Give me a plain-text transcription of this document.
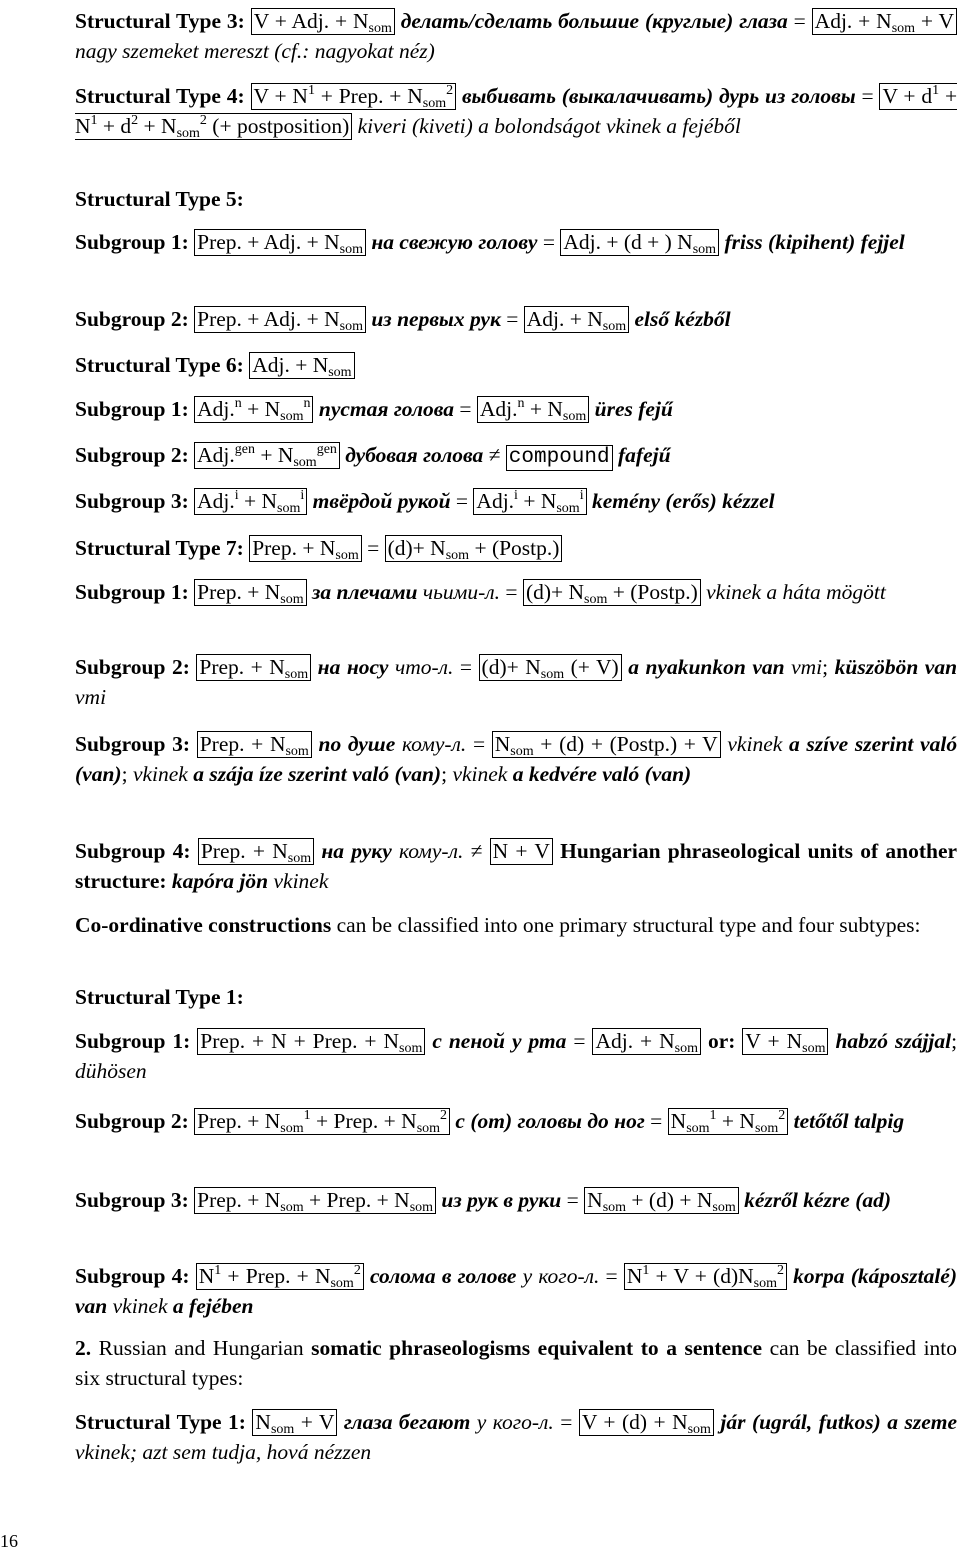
Structural Type 3: V + Adj. + $N_{som}$ делать/сделать большие (круглые) глаза = Adj. + $N_{som} + V$ nagy szemeket mereszt (cf.: nagyokat néz)

Structural Type 4: $V + N^1$ + Prep. + $N_{som}^2$ выбивать (выкалачивать) дурь из головы = $V + d^1 + N^1 + d^2 + N_{som}^2$ (+ postposition) kiveri (kiveti) a bolondságot vkinek a fejéből

Structural Type 5:

Subgroup 1: Prep. + Adj. + $N_{som}$ на свежую голову = Adj. + (d + ) $N_{som}$ friss (kipihent) fejjel

Subgroup 2: Prep. + Adj. + $N_{som}$ из первых рук = Adj. + $N_{som}$ első kézből

Structural Type 6: Adj. + $N_{som}$

Subgroup 1: $Adj.^n + N_{som}^n$ пустая голова = $Adj.^n + N_{som}$ üres fejű

Subgroup 2: $Adj.^{gen} + N_{som}^{gen}$ дубовая голова ≠ compound fafejű

Subgroup 3: $Adj.^i + N_{som}^i$ твёрдой рукой = $Adj.^i + N_{som}^i$ kemény (erős) kézzel

Structural Type 7: Prep. + $N_{som} = (d)+ N_{som}$ + (Postp.)

Subgroup 1: Prep. + $N_{som}$ за плечами чьими-л. = $(d)+ N_{som}$ + (Postp.) vkinek a háta mögött

Subgroup 2: Prep. + $N_{som}$ на носу что-л. = $(d)+ N_{som}$ (+ V) a nyakunkon van vmi; küszöbön van vmi

Subgroup 3: Prep. + $N_{som}$ по душе кому-л. = $N_{som} + (d)$ + (Postp.) + V vkinek a szíve szerint való (van); vkinek a szája íze szerint való (van); vkinek a kedvére való (van)

Subgroup 4: Prep. + $N_{som}$ на руку кому-л. ≠ N + V Hungarian phraseological units of another structure: kapóra jön vkinek

Co-ordinative constructions can be classified into one primary structural type and four subtypes:

Structural Type 1:

Subgroup 1: Prep. + N + Prep. + $N_{som}$ с пеной у рта = Adj. + $N_{som}$ or: $V + N_{som}$ habzó szájjal; dühösen

Subgroup 2: Prep. + $N_{som}^1$ + Prep. + $N_{som}^2$ с (от) головы до ног = $N_{som}^1 + N_{som}^2$ tetőtől talpig

Subgroup 3: Prep. + $N_{som}$ + Prep. + $N_{som}$ из рук в руки = $N_{som} + (d) + N_{som}$ kézről kézre (ad)

Subgroup 4: $N^1$ + Prep. + $N_{som}^2$ солома в голове у кого-л. = $N^1 + V + (d)N_{som}^2$ korpa (káposztalé) van vkinek a fejében

2. Russian and Hungarian somatic phraseologisms equivalent to a sentence can be classified into six structural types:

Structural Type 1: $N_{som} + V$ глаза бегают у кого-л. = $V + (d) + N_{som}$ jár (ugrál, futkos) a szeme vkinek; azt sem tudja, hová nézzen

16
